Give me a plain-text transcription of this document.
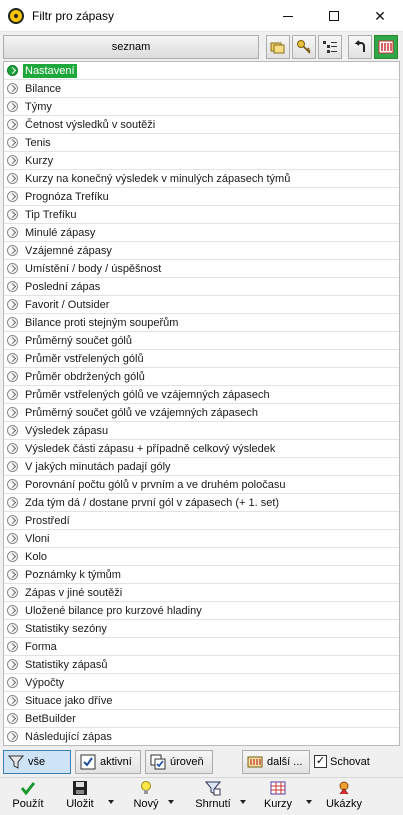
Filtr pro zápasy	✕
seznam
Nastavení
Bilance
Týmy
Četnost výsledků v soutěži
Tenis
Kurzy
Kurzy na konečný výsledek v minulých zápasech týmů
Prognóza Trefíku
Tip Trefíku
Minulé zápasy
Vzájemné zápasy
Umístění / body / úspěšnost
Poslední zápas
Favorit / Outsider
Bilance proti stejným soupeřům
Průměrný součet gólů
Průměr vstřelených gólů
Průměr obdržených gólů
Průměr vstřelených gólů ve vzájemných zápasech
Průměrný součet gólů ve vzájemných zápasech
Výsledek zápasu
Výsledek části zápasu + případně celkový výsledek
V jakých minutách padají góly
Porovnání počtu gólů v prvním a ve druhém poločasu
Zda tým dá / dostane první gól v zápasech (+ 1. set)
Prostředí
Vloni
Kolo
Poznámky k týmům
Zápas v jiné soutěži
Uložené bilance pro kurzové hladiny
Statistiky sezóny
Forma
Statistiky zápasů
Výpočty
Situace jako dříve
BetBuilder
Následující zápas
vše	aktivní	úroveň	další ... ✓ Schovat
Použít Uložit	Nový	Shrnutí	Kurzy	Ukázky
